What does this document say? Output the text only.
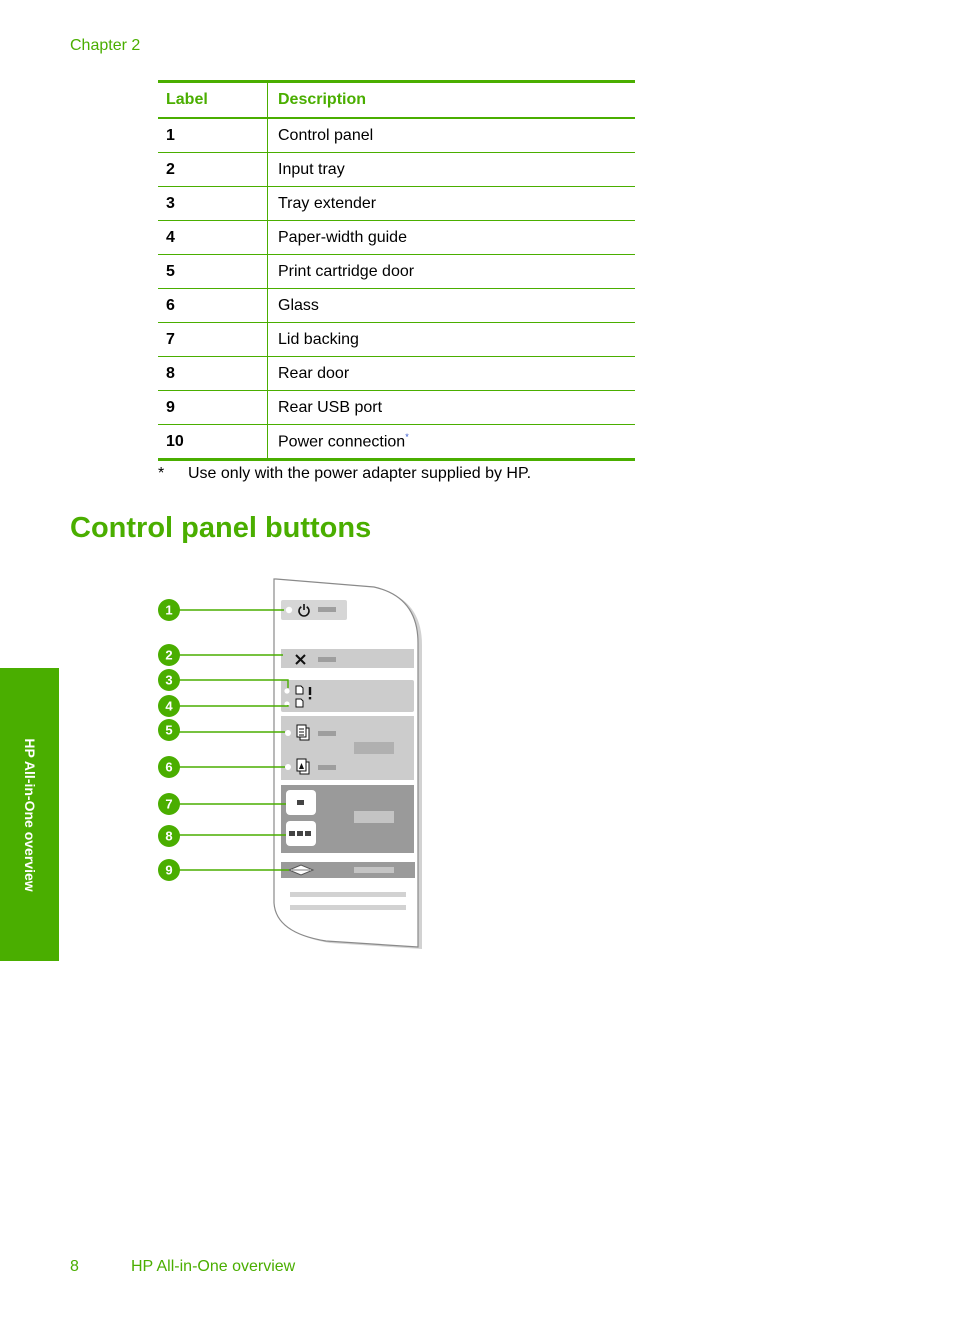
Chapter 2
Label	Description
1	Control panel
2	Input tray
3	Tray extender
4	Paper-width guide
5	Print cartridge door
6	Glass
7	Lid backing
8	Rear door
9	Rear USB port
10	Power connection*
* Use only with the power adapter supplied by HP.
Control panel buttons
1
2
3
4
5
6
7
8
9
HP All-in-One overview
8	HP All-in-One overview
